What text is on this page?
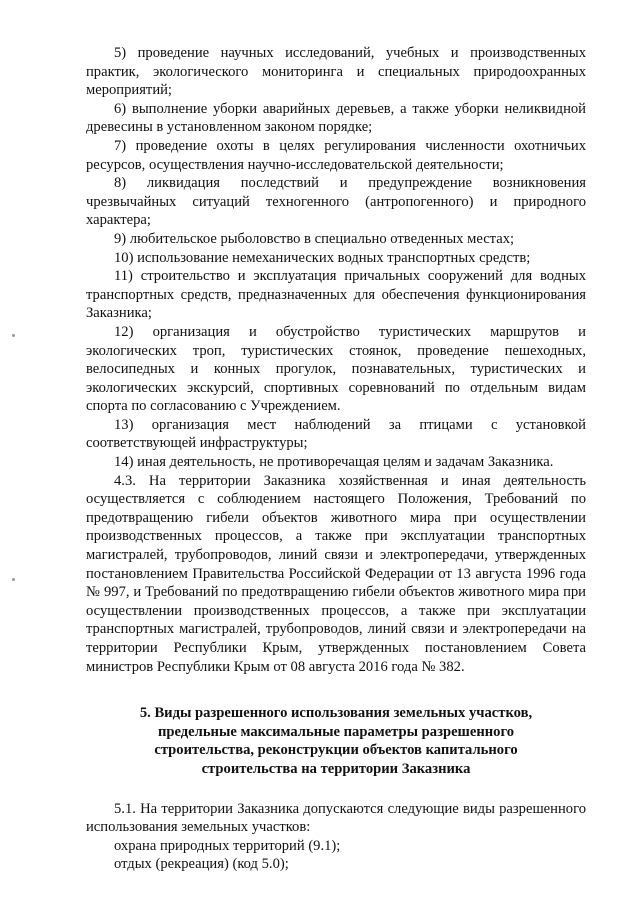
5) проведение научных исследований, учебных и производственных практик, экологического мониторинга и специальных природоохранных мероприятий;

6) выполнение уборки аварийных деревьев, а также уборки неликвидной древесины в установленном законом порядке;

7) проведение охоты в целях регулирования численности охотничьих ресурсов, осуществления научно-исследовательской деятельности;

8) ликвидация последствий и предупреждение возникновения чрезвычайных ситуаций техногенного (антропогенного) и природного характера;

9) любительское рыболовство в специально отведенных местах;

10) использование немеханических водных транспортных средств;

11) строительство и эксплуатация причальных сооружений для водных транспортных средств, предназначенных для обеспечения функционирования Заказника;

12) организация и обустройство туристических маршрутов и экологических троп, туристических стоянок, проведение пешеходных, велосипедных и конных прогулок, познавательных, туристических и экологических экскурсий, спортивных соревнований по отдельным видам спорта по согласованию с Учреждением.

13) организация мест наблюдений за птицами с установкой соответствующей инфраструктуры;

14) иная деятельность, не противоречащая целям и задачам Заказника.

4.3. На территории Заказника хозяйственная и иная деятельность осуществляется с соблюдением настоящего Положения, Требований по предотвращению гибели объектов животного мира при осуществлении производственных процессов, а также при эксплуатации транспортных магистралей, трубопроводов, линий связи и электропередачи, утвержденных постановлением Правительства Российской Федерации от 13 августа 1996 года № 997, и Требований по предотвращению гибели объектов животного мира при осуществлении производственных процессов, а также при эксплуатации транспортных магистралей, трубопроводов, линий связи и электропередачи на территории Республики Крым, утвержденных постановлением Совета министров Республики Крым от 08 августа 2016 года № 382.

5. Виды разрешенного использования земельных участков,
предельные максимальные параметры разрешенного
строительства, реконструкции объектов капитального
строительства на территории Заказника

5.1. На территории Заказника допускаются следующие виды разрешенного использования земельных участков:

охрана природных территорий (9.1);

отдых (рекреация) (код 5.0);
